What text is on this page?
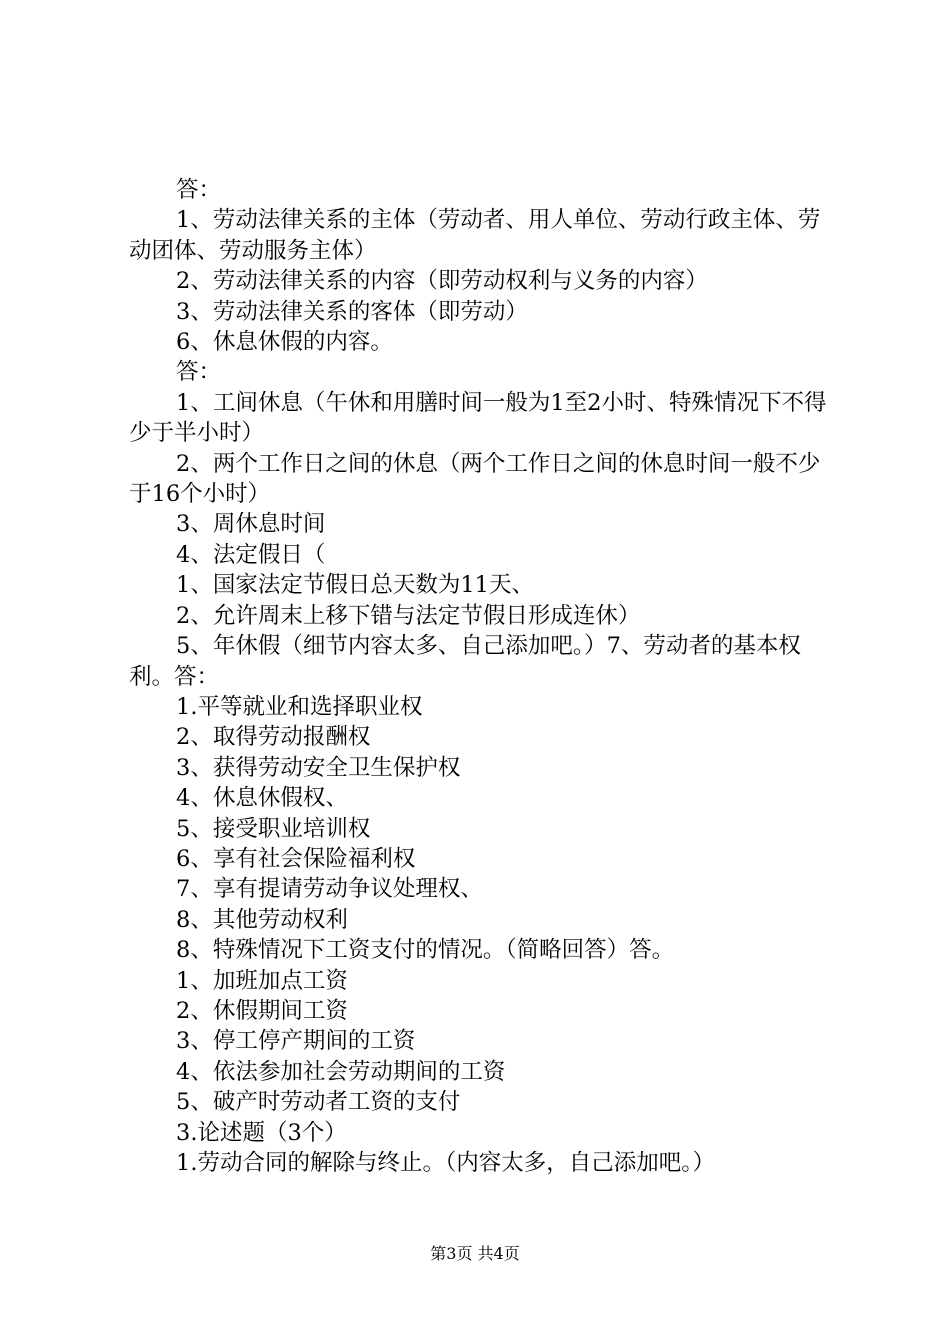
答：

1、劳动法律关系的主体（劳动者、用人单位、劳动行政主体、劳动团体、劳动服务主体）

2、劳动法律关系的内容（即劳动权利与义务的内容）

3、劳动法律关系的客体（即劳动）

6、休息休假的内容。

答：

1、工间休息（午休和用膳时间一般为1至2小时、特殊情况下不得少于半小时）

2、两个工作日之间的休息（两个工作日之间的休息时间一般不少于16个小时）

3、周休息时间

4、法定假日（

1、国家法定节假日总天数为11天、

2、允许周末上移下错与法定节假日形成连休）

5、年休假（细节内容太多、自己添加吧。）7、劳动者的基本权利。答：

1.平等就业和选择职业权

2、取得劳动报酬权

3、获得劳动安全卫生保护权

4、休息休假权、

5、接受职业培训权

6、享有社会保险福利权

7、享有提请劳动争议处理权、

8、其他劳动权利

8、特殊情况下工资支付的情况。（简略回答）答。

1、加班加点工资

2、休假期间工资

3、停工停产期间的工资

4、依法参加社会劳动期间的工资

5、破产时劳动者工资的支付

3.论述题（3个）

1.劳动合同的解除与终止。（内容太多，自己添加吧。）

第3页 共4页
